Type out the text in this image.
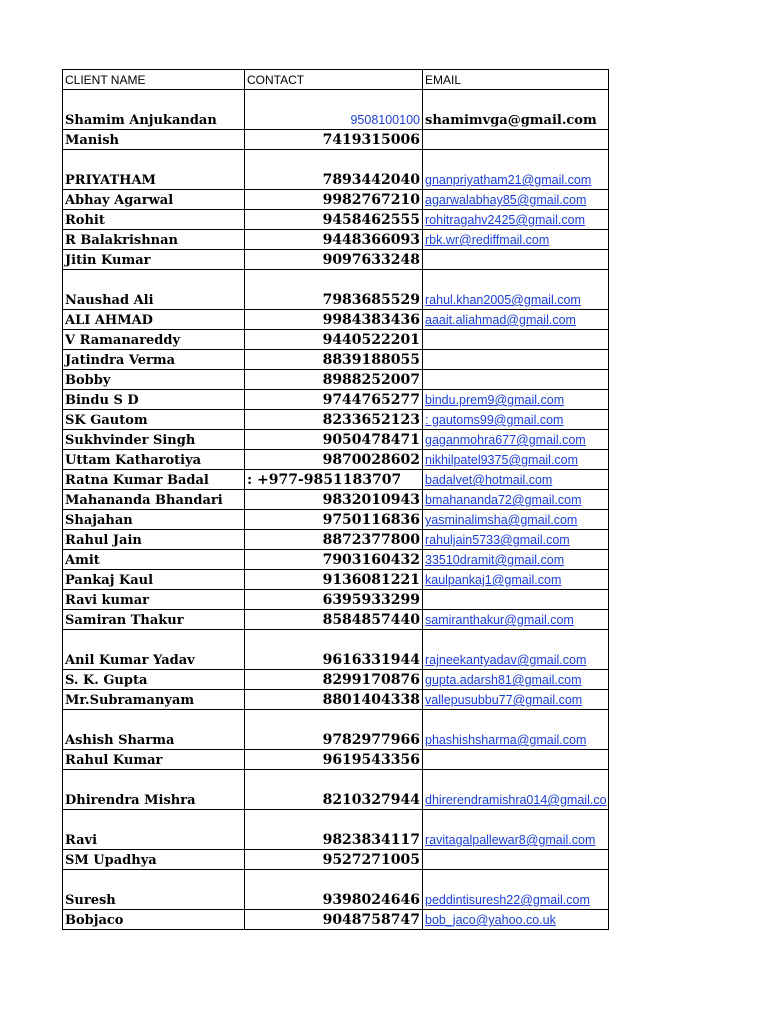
CLIENT NAME	CONTACT	EMAIL
Shamim Anjukandan	9508100100	shamimvga@gmail.com
Manish	7419315006	
PRIYATHAM	7893442040	gnanpriyatham21@gmail.com
Abhay Agarwal	9982767210	agarwalabhay85@gmail.com
Rohit	9458462555	rohitragahv2425@gmail.com
R Balakrishnan	9448366093	rbk.wr@rediffmail.com
Jitin Kumar	9097633248	
Naushad Ali	7983685529	rahul.khan2005@gmail.com
ALI AHMAD	9984383436	aaait.aliahmad@gmail.com
V Ramanareddy	9440522201	
Jatindra Verma	8839188055	
Bobby	8988252007	
Bindu S D	9744765277	bindu.prem9@gmail.com
SK Gautom	8233652123	: gautoms99@gmail.com
Sukhvinder Singh	9050478471	gaganmohra677@gmail.com
Uttam Katharotiya	9870028602	nikhilpatel9375@gmail.com
Ratna Kumar Badal	: +977-9851183707	badalvet@hotmail.com
Mahananda Bhandari	9832010943	bmahananda72@gmail.com
Shajahan	9750116836	yasminalimsha@gmail.com
Rahul Jain	8872377800	rahuljain5733@gmail.com
Amit	7903160432	33510dramit@gmail.com
Pankaj Kaul	9136081221	kaulpankaj1@gmail.com
Ravi kumar	6395933299	
Samiran Thakur	8584857440	samiranthakur@gmail.com
Anil Kumar Yadav	9616331944	rajneekantyadav@gmail.com
S. K. Gupta	8299170876	gupta.adarsh81@gmail.com
Mr.Subramanyam	8801404338	vallepusubbu77@gmail.com
Ashish Sharma	9782977966	phashishsharma@gmail.com
Rahul Kumar	9619543356	
Dhirendra Mishra	8210327944	dhirerendramishra014@gmail.co
Ravi	9823834117	ravitagalpallewar8@gmail.com
SM Upadhya	9527271005	
Suresh	9398024646	peddintisuresh22@gmail.com
Bobjaco	9048758747	bob_jaco@yahoo.co.uk
